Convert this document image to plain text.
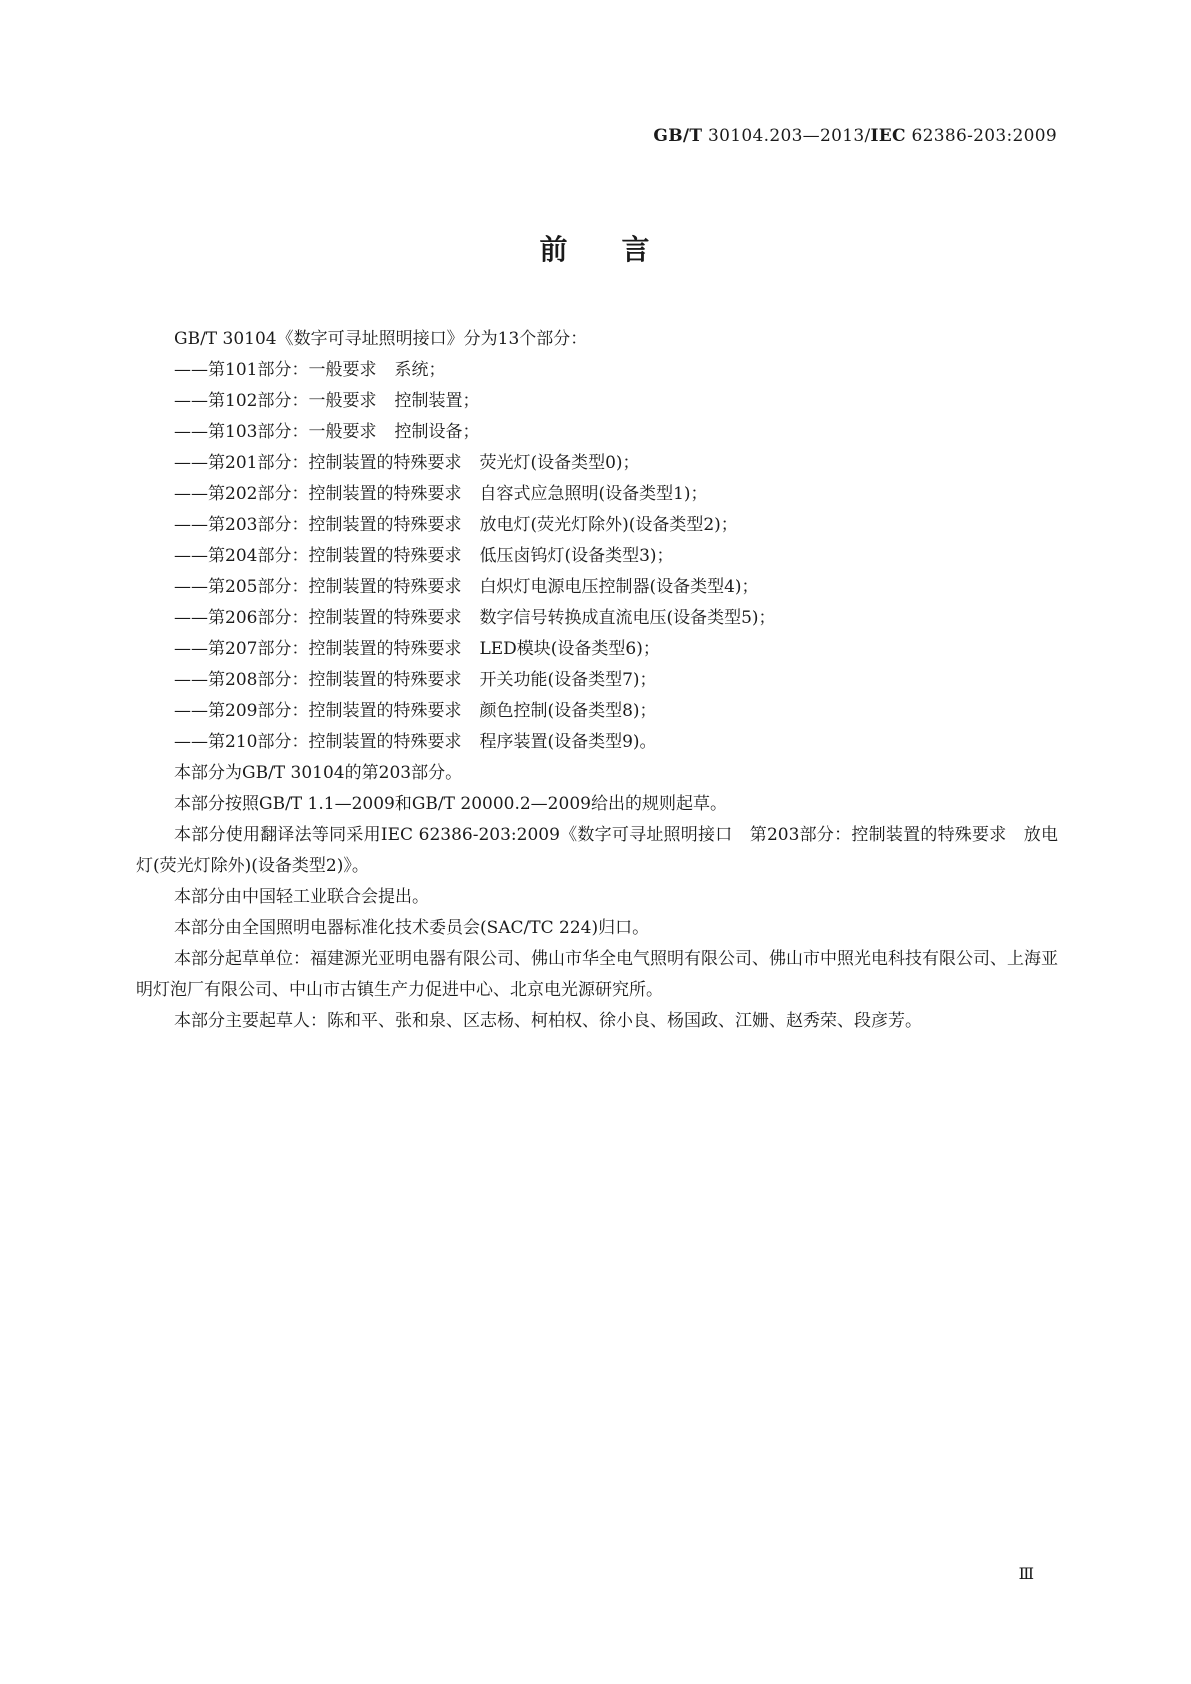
GB/T 30104.203—2013/IEC 62386-203:2009
前 言
GB/T 30104《数字可寻址照明接口》分为13个部分：
——第101部分：一般要求 系统；
——第102部分：一般要求 控制装置；
——第103部分：一般要求 控制设备；
——第201部分：控制装置的特殊要求 荧光灯(设备类型0)；
——第202部分：控制装置的特殊要求 自容式应急照明(设备类型1)；
——第203部分：控制装置的特殊要求 放电灯(荧光灯除外)(设备类型2)；
——第204部分：控制装置的特殊要求 低压卤钨灯(设备类型3)；
——第205部分：控制装置的特殊要求 白炽灯电源电压控制器(设备类型4)；
——第206部分：控制装置的特殊要求 数字信号转换成直流电压(设备类型5)；
——第207部分：控制装置的特殊要求 LED模块(设备类型6)；
——第208部分：控制装置的特殊要求 开关功能(设备类型7)；
——第209部分：控制装置的特殊要求 颜色控制(设备类型8)；
——第210部分：控制装置的特殊要求 程序装置(设备类型9)。
本部分为GB/T 30104的第203部分。
本部分按照GB/T 1.1—2009和GB/T 20000.2—2009给出的规则起草。
本部分使用翻译法等同采用IEC 62386-203:2009《数字可寻址照明接口　第203部分：控制装置的特殊要求　放电灯(荧光灯除外)(设备类型2)》。
本部分由中国轻工业联合会提出。
本部分由全国照明电器标准化技术委员会(SAC/TC 224)归口。
本部分起草单位：福建源光亚明电器有限公司、佛山市华全电气照明有限公司、佛山市中照光电科技有限公司、上海亚明灯泡厂有限公司、中山市古镇生产力促进中心、北京电光源研究所。
本部分主要起草人：陈和平、张和泉、区志杨、柯柏权、徐小良、杨国政、江姗、赵秀荣、段彦芳。
Ⅲ
